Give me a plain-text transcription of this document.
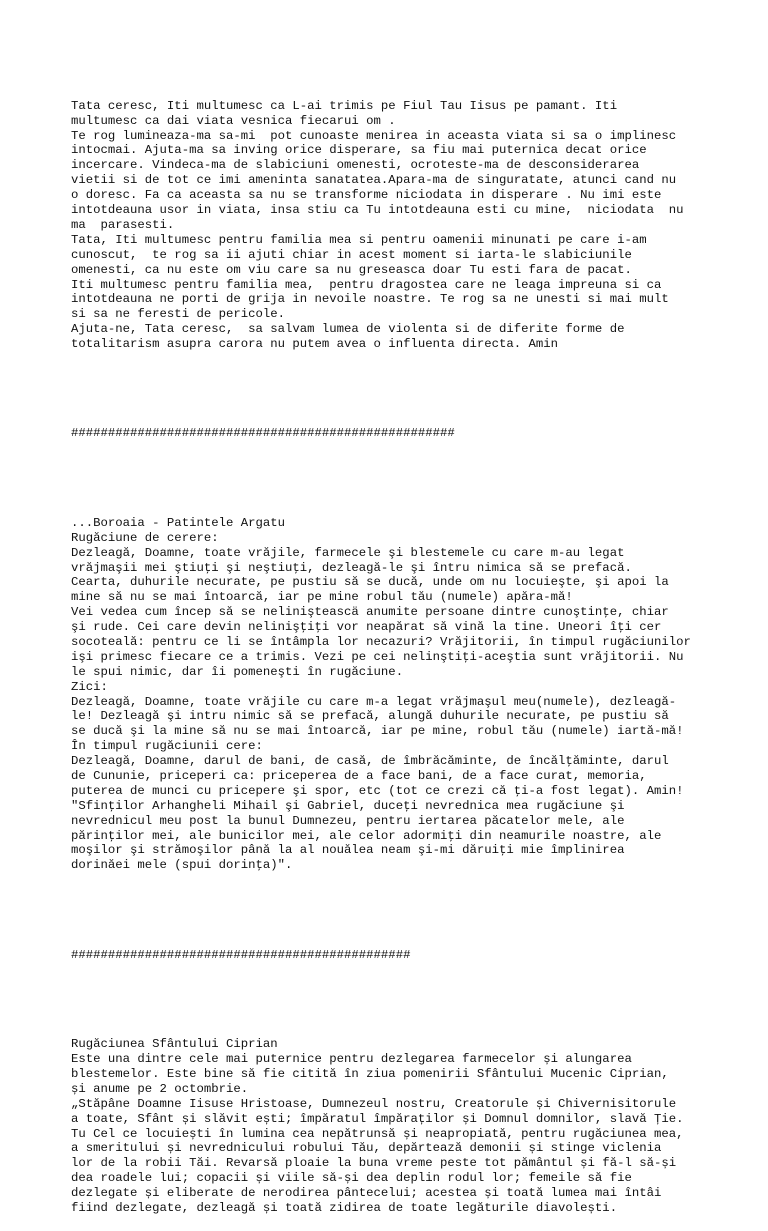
Tata ceresc, Iti multumesc ca L-ai trimis pe Fiul Tau Iisus pe pamant. Iti
multumesc ca dai viata vesnica fiecarui om .
Te rog lumineaza-ma sa-mi  pot cunoaste menirea in aceasta viata si sa o implinesc
intocmai. Ajuta-ma sa inving orice disperare, sa fiu mai puternica decat orice
incercare. Vindeca-ma de slabiciuni omenesti, ocroteste-ma de desconsiderarea
vietii si de tot ce imi ameninta sanatatea.Apara-ma de singuratate, atunci cand nu
o doresc. Fa ca aceasta sa nu se transforme niciodata in disperare . Nu imi este
intotdeauna usor in viata, insa stiu ca Tu intotdeauna esti cu mine,  niciodata  nu
ma  parasesti.
Tata, Iti multumesc pentru familia mea si pentru oamenii minunati pe care i-am
cunoscut,  te rog sa ii ajuti chiar in acest moment si iarta-le slabiciunile
omenesti, ca nu este om viu care sa nu greseasca doar Tu esti fara de pacat.
Iti multumesc pentru familia mea,  pentru dragostea care ne leaga impreuna si ca
intotdeauna ne porti de grija in nevoile noastre. Te rog sa ne unesti si mai mult
si sa ne feresti de pericole.
Ajuta-ne, Tata ceresc,  sa salvam lumea de violenta si de diferite forme de
totalitarism asupra carora nu putem avea o influenta directa. Amin

####################################################

...Boroaia - Patintele Argatu
Rugăciune de cerere:
Dezleagă, Doamne, toate vrăjile, farmecele şi blestemele cu care m-au legat
vrăjmaşii mei ştiuţi şi neştiuţi, dezleagă-le şi întru nimica să se prefacă.
Cearta, duhurile necurate, pe pustiu să se ducă, unde om nu locuieşte, şi apoi la
mine să nu se mai întoarcă, iar pe mine robul tău (numele) apăra-mă!
Vei vedea cum încep să se nelinişteascä anumite persoane dintre cunoştinţe, chiar
şi rude. Cei care devin nelinişţiţi vor neapărat să vină la tine. Uneori îţi cer
socoteală: pentru ce li se întâmpla lor necazuri? Vrăjitorii, în timpul rugăciunilor
işi primesc fiecare ce a trimis. Vezi pe cei nelinştiţi-aceştia sunt vrăjitorii. Nu
le spui nimic, dar îi pomeneşti în rugăciune.
Zici:
Dezleagă, Doamne, toate vrăjile cu care m-a legat vrăjmaşul meu(numele), dezleagă-
le! Dezleagă şi intru nimic să se prefacă, alungă duhurile necurate, pe pustiu să
se ducă şi la mine să nu se mai întoarcă, iar pe mine, robul tău (numele) iartă-mă!
În timpul rugăciunii cere:
Dezleagă, Doamne, darul de bani, de casă, de îmbrăcăminte, de încălţăminte, darul
de Cununie, priceperi ca: priceperea de a face bani, de a face curat, memoria,
puterea de munci cu pricepere şi spor, etc (tot ce crezi că ţi-a fost legat). Amin!
"Sfinţilor Arhangheli Mihail şi Gabriel, duceţi nevrednica mea rugăciune şi
nevrednicul meu post la bunul Dumnezeu, pentru iertarea păcatelor mele, ale
părinţilor mei, ale bunicilor mei, ale celor adormiţi din neamurile noastre, ale
moşilor şi strămoşilor până la al nouălea neam şi-mi dăruiţi mie împlinirea
dorinăei mele (spui dorinţa)".

##############################################

Rugăciunea Sfântului Ciprian
Este una dintre cele mai puternice pentru dezlegarea farmecelor și alungarea
blestemelor. Este bine să fie citită în ziua pomenirii Sfântului Mucenic Ciprian,
și anume pe 2 octombrie.
„Stăpâne Doamne Iisuse Hristoase, Dumnezeul nostru, Creatorule și Chivernisitorule
a toate, Sfânt și slăvit ești; împăratul împăraților și Domnul domnilor, slavă Ție.
Tu Cel ce locuiești în lumina cea nepătrunsă și neapropiată, pentru rugăciunea mea,
a smeritului și nevrednicului robului Tău, depărtează demonii și stinge viclenia
lor de la robii Tăi. Revarsă ploaie la buna vreme peste tot pământul și fă-l să-și
dea roadele lui; copacii și viile să-și dea deplin rodul lor; femeile să fie
dezlegate și eliberate de nerodirea pântecelui; acestea și toată lumea mai întâi
fiind dezlegate, dezleagă și toată zidirea de toate legăturile diavolești.
